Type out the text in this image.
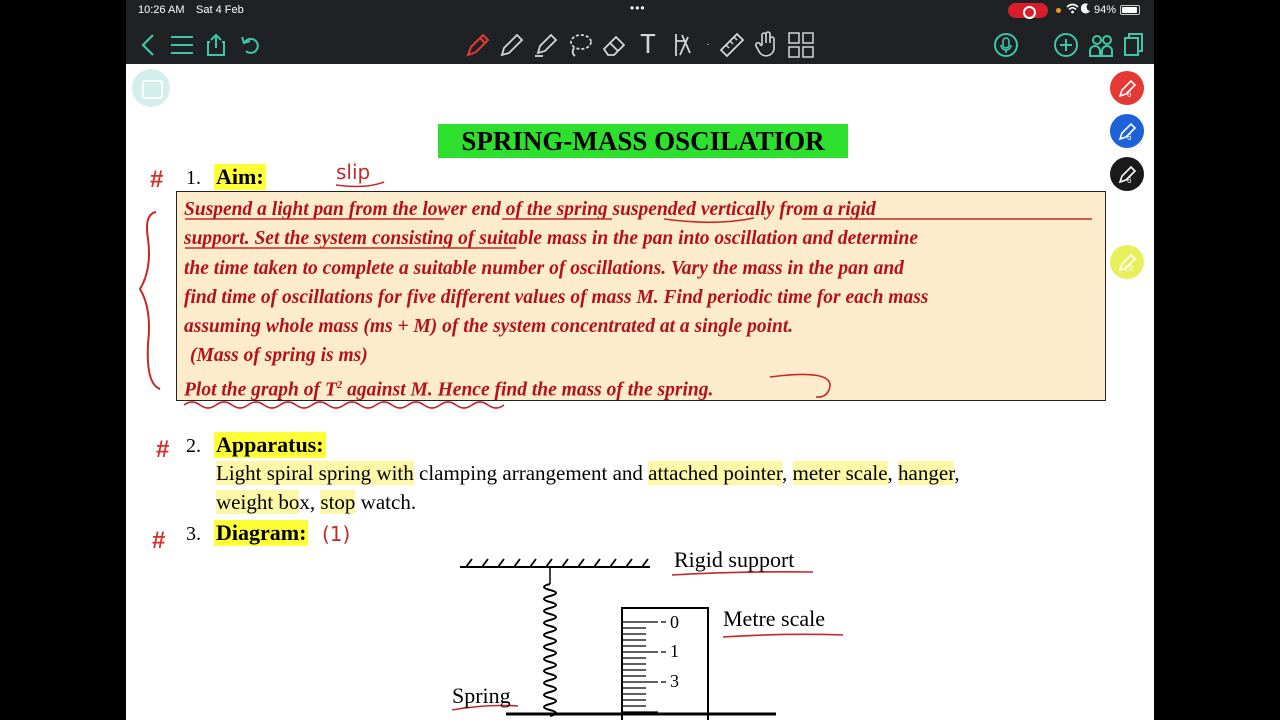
10:26 AM Sat 4 Feb	•••	94%
T	·
SPRING-MASS OSCILATIOR
# 1. Aim:	slip
Suspend a light pan from the lower end of the spring suspended vertically from a rigid
support. Set the system consisting of suitable mass in the pan into oscillation and determine
the time taken to complete a suitable number of oscillations. Vary the mass in the pan and
find time of oscillations for five different values of mass M. Find periodic time for each mass
assuming whole mass (ms + M) of the system concentrated at a single point.
(Mass of spring is ms)
Plot the graph of $T^2$ against M. Hence find the mass of the spring.
# 2. Apparatus:
Light spiral spring with clamping arrangement and attached pointer, meter scale, hanger,
weight box, stop watch.
# 3. Diagram: (1)
0
1
3
Rigid support
Metre scale
Spring
6
6
6
20
